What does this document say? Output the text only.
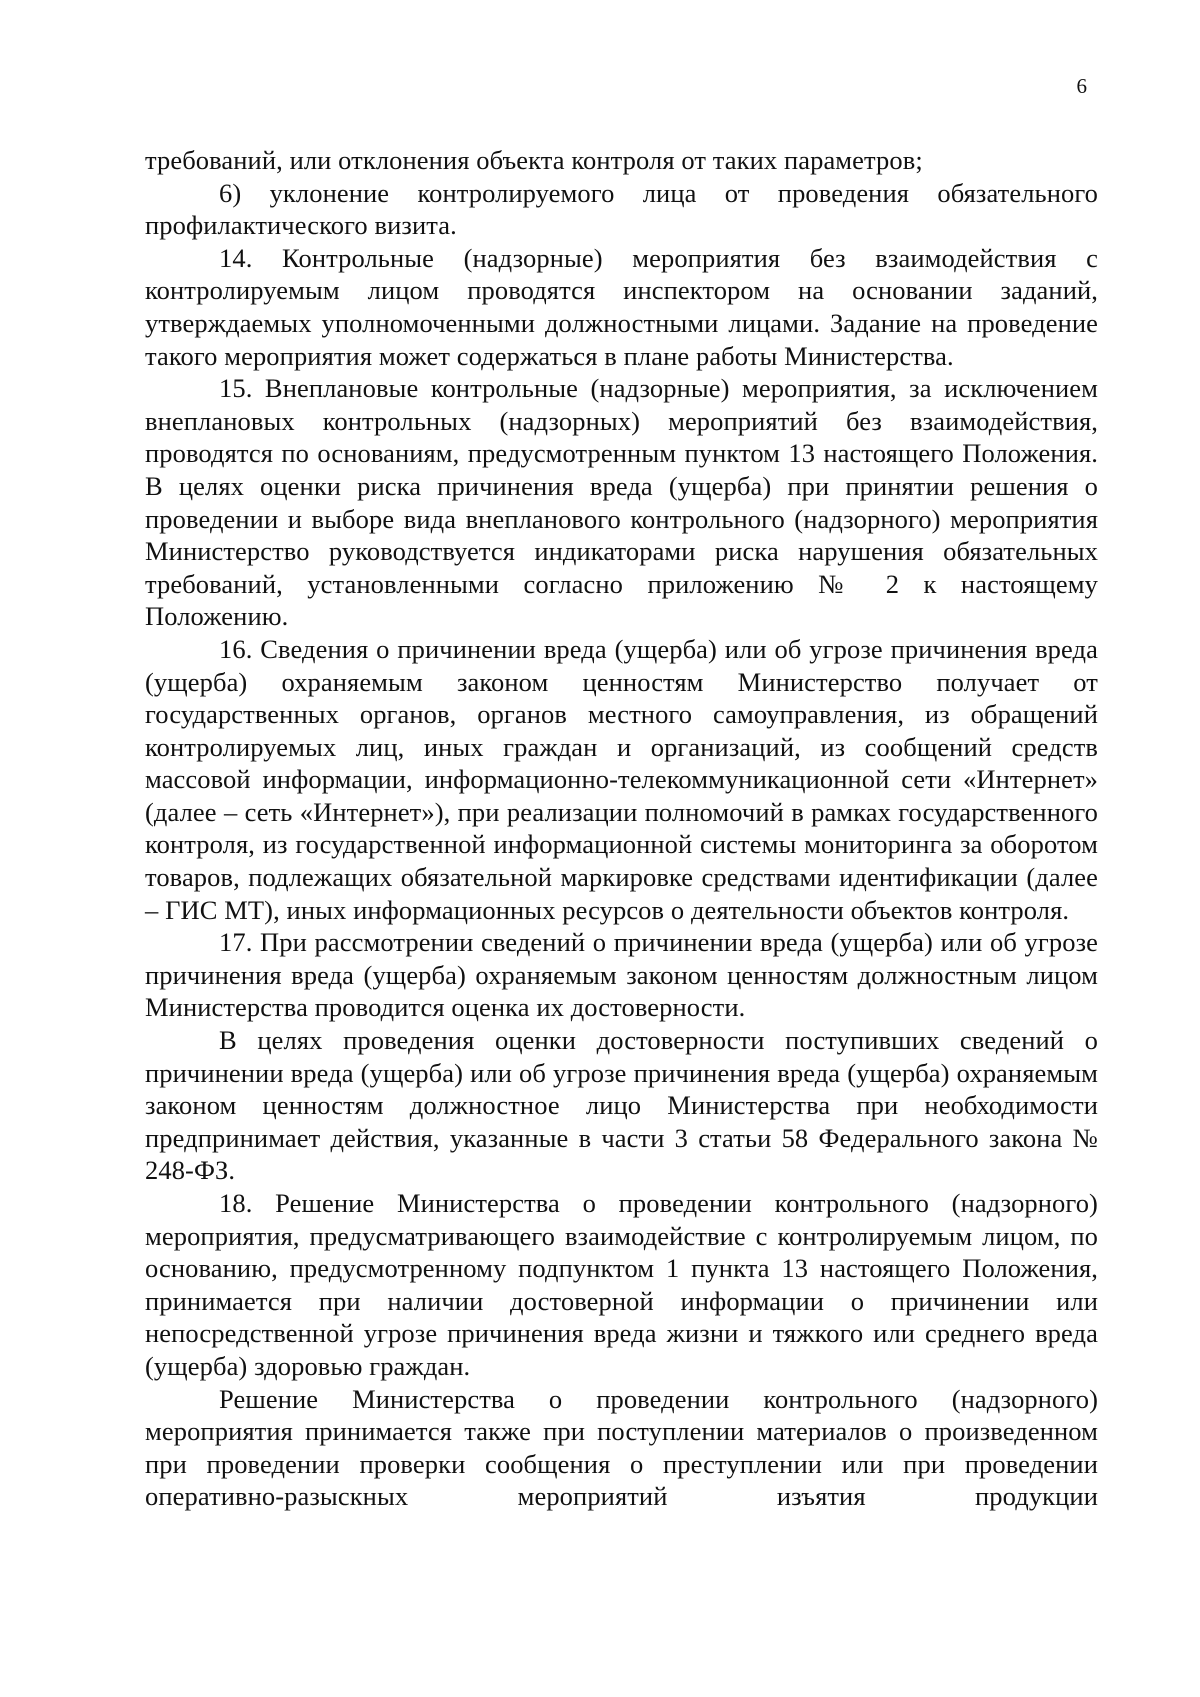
6

требований, или отклонения объекта контроля от таких параметров;

6) уклонение контролируемого лица от проведения обязательного профилактического визита.

14. Контрольные (надзорные) мероприятия без взаимодействия с контролируемым лицом проводятся инспектором на основании заданий, утверждаемых уполномоченными должностными лицами. Задание на проведение такого мероприятия может содержаться в плане работы Министерства.

15. Внеплановые контрольные (надзорные) мероприятия, за исключением внеплановых контрольных (надзорных) мероприятий без взаимодействия, проводятся по основаниям, предусмотренным пунктом 13 настоящего Положения. В целях оценки риска причинения вреда (ущерба) при принятии решения о проведении и выборе вида внепланового контрольного (надзорного) мероприятия Министерство руководствуется индикаторами риска нарушения обязательных требований, установленными согласно приложению № 2 к настоящему Положению.

16. Сведения о причинении вреда (ущерба) или об угрозе причинения вреда (ущерба) охраняемым законом ценностям Министерство получает от государственных органов, органов местного самоуправления, из обращений контролируемых лиц, иных граждан и организаций, из сообщений средств массовой информации, информационно-телекоммуникационной сети «Интернет» (далее – сеть «Интернет»), при реализации полномочий в рамках государственного контроля, из государственной информационной системы мониторинга за оборотом товаров, подлежащих обязательной маркировке средствами идентификации (далее – ГИС МТ), иных информационных ресурсов о деятельности объектов контроля.

17. При рассмотрении сведений о причинении вреда (ущерба) или об угрозе причинения вреда (ущерба) охраняемым законом ценностям должностным лицом Министерства проводится оценка их достоверности.

В целях проведения оценки достоверности поступивших сведений о причинении вреда (ущерба) или об угрозе причинения вреда (ущерба) охраняемым законом ценностям должностное лицо Министерства при необходимости предпринимает действия, указанные в части 3 статьи 58 Федерального закона № 248-ФЗ.

18. Решение Министерства о проведении контрольного (надзорного) мероприятия, предусматривающего взаимодействие с контролируемым лицом, по основанию, предусмотренному подпунктом 1 пункта 13 настоящего Положения, принимается при наличии достоверной информации о причинении или непосредственной угрозе причинения вреда жизни и тяжкого или среднего вреда (ущерба) здоровью граждан.

Решение Министерства о проведении контрольного (надзорного) мероприятия принимается также при поступлении материалов о произведенном при проведении проверки сообщения о преступлении или при проведении оперативно-разыскных мероприятий изъятия продукции
